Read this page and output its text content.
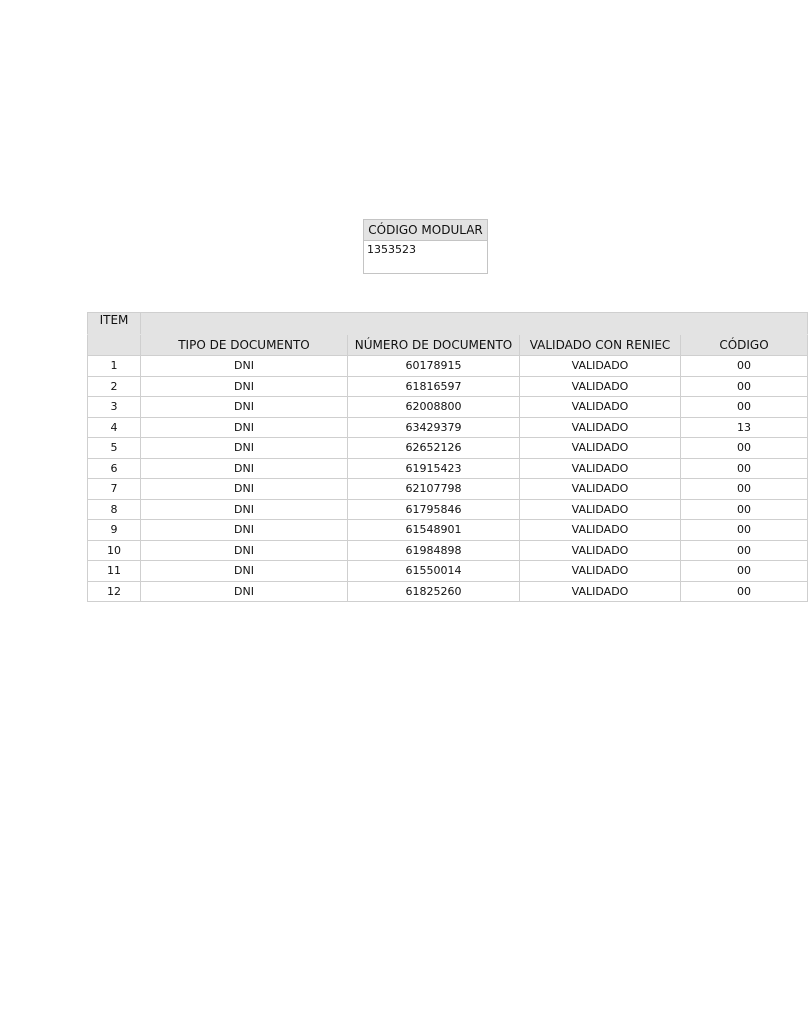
CÓDIGO MODULAR
1353523
ITEM				
	TIPO DE DOCUMENTO	NÚMERO DE DOCUMENTO	VALIDADO CON RENIEC	CÓDIGO
1	DNI	60178915	VALIDADO	00
2	DNI	61816597	VALIDADO	00
3	DNI	62008800	VALIDADO	00
4	DNI	63429379	VALIDADO	13
5	DNI	62652126	VALIDADO	00
6	DNI	61915423	VALIDADO	00
7	DNI	62107798	VALIDADO	00
8	DNI	61795846	VALIDADO	00
9	DNI	61548901	VALIDADO	00
10	DNI	61984898	VALIDADO	00
11	DNI	61550014	VALIDADO	00
12	DNI	61825260	VALIDADO	00
